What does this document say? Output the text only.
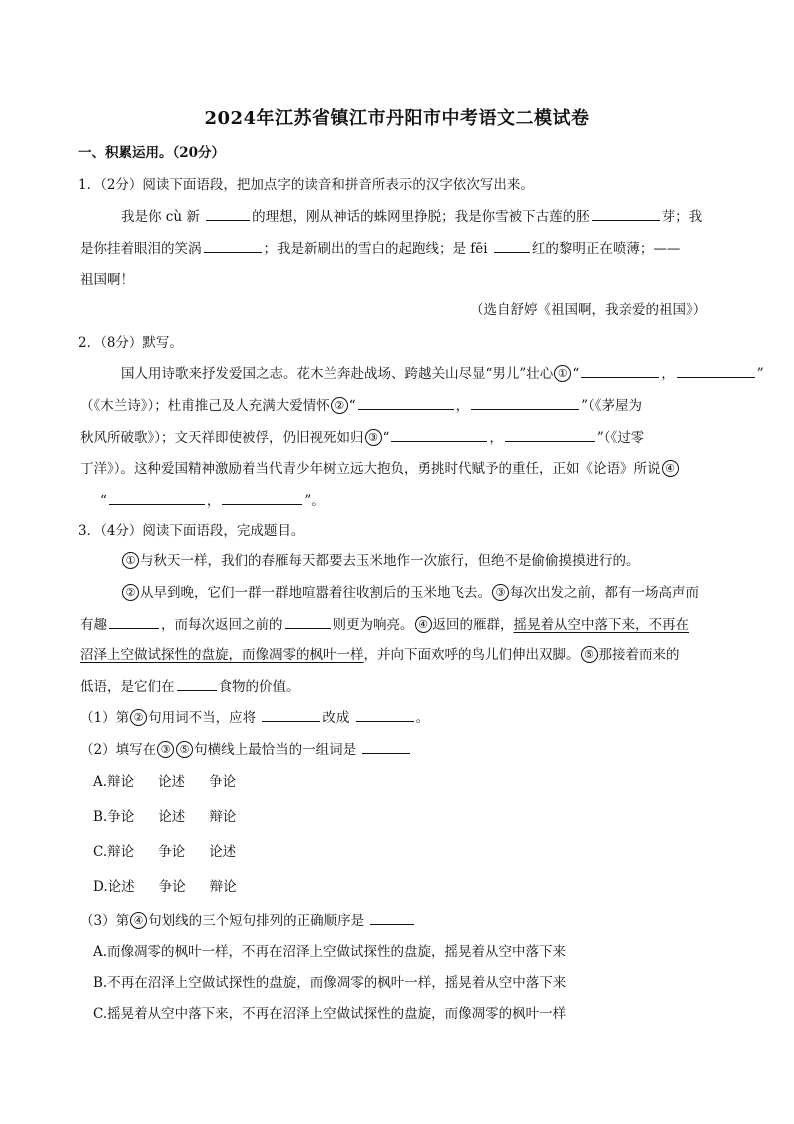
2024年江苏省镇江市丹阳市中考语文二模试卷
一、积累运用。（20分）
1．（2分）阅读下面语段，把加点字的读音和拼音所表示的汉字依次写出来。
我是你 cù 新	的理想，刚从神话的蛛网里挣脱；我是你雪被下古莲的胚	芽；我
是你挂着眼泪的笑涡	；我是新刷出的雪白的起跑线；是 fēi	红的黎明正在喷薄；——
祖国啊！
（选自舒婷《祖国啊，我亲爱的祖国》）
2．（8分）默写。
国人用诗歌来抒发爱国之志。花木兰奔赴战场、跨越关山尽显“男儿”壮心 ① “	，	”
（《木兰诗》）；杜甫推己及人充满大爱情怀 ② “	，	”（《茅屋为
秋风所破歌》）；文天祥即使被俘，仍旧视死如归 ③ “	，	”（《过零
丁洋》）。这种爱国精神激励着当代青少年树立远大抱负，勇挑时代赋予的重任，正如《论语》所说 ④
“	，	”。
3．（4分）阅读下面语段，完成题目。
① 与秋天一样，我们的春雁每天都要去玉米地作一次旅行，但绝不是偷偷摸摸进行的。
② 从早到晚，它们一群一群地喧嚣着往收割后的玉米地飞去。 ③ 每次出发之前，都有一场高声而
有趣	，而每次返回之前的	则更为响亮。 ④ 返回的雁群，摇晃着从空中落下来，不再在
沼泽上空做试探性的盘旋，而像凋零的枫叶一样，并向下面欢呼的鸟儿们伸出双脚。 ⑤ 那接着而来的
低语，是它们在	食物的价值。
（1）第 ② 句用词不当，应将	改成	。
（2）填写在 ③ ⑤ 句横线上最恰当的一组词是
A.辩论 论述 争论
B.争论 论述 辩论
C.辩论 争论 论述
D.论述 争论 辩论
（3）第 ④ 句划线的三个短句排列的正确顺序是
A.而像凋零的枫叶一样，不再在沼泽上空做试探性的盘旋，摇晃着从空中落下来
B.不再在沼泽上空做试探性的盘旋，而像凋零的枫叶一样，摇晃着从空中落下来
C.摇晃着从空中落下来，不再在沼泽上空做试探性的盘旋，而像凋零的枫叶一样
